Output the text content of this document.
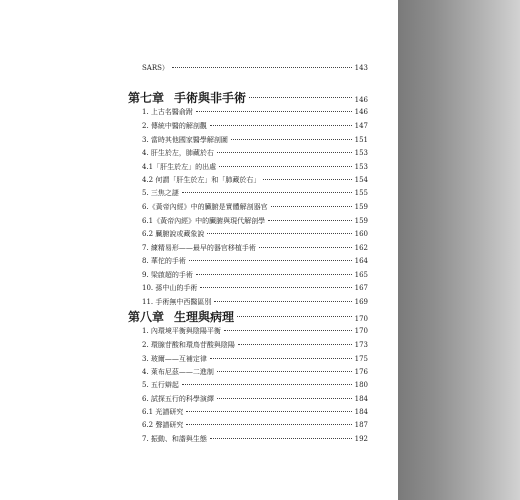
SARS）	143
第七章 手術與非手術	146
1. 上古名醫俞跗	146
2. 傳統中醫的解剖觀	147
3. 當時其他國家醫學解剖圖	151
4. 肝生於左，肺藏於右	153
4.1「肝生於左」的出處	153
4.2 何謂「肝生於左」和「肺藏於右」	154
5. 三焦之謎	155
6.《黃帝內經》中的臟腑是實體解剖器官	159
6.1《黃帝內經》中的臟腑與現代解剖學	159
6.2 臟腑說或藏象說	160
7. 練精易形——最早的器官移植手術	162
8. 華佗的手術	164
9. 梁啟超的手術	165
10. 孫中山的手術	167
11. 手術無中西醫區別	169
第八章 生理與病理	170
1. 內環境平衡與陰陽平衡	170
2. 環腺苷酸和環鳥苷酸與陰陽	173
3. 玻爾——互補定律	175
4. 萊布尼茲——二進制	176
5. 五行辯起	180
6. 試探五行的科學演繹	184
6.1 光譜研究	184
6.2 聲譜研究	187
7. 振動、和諧與生態	192
